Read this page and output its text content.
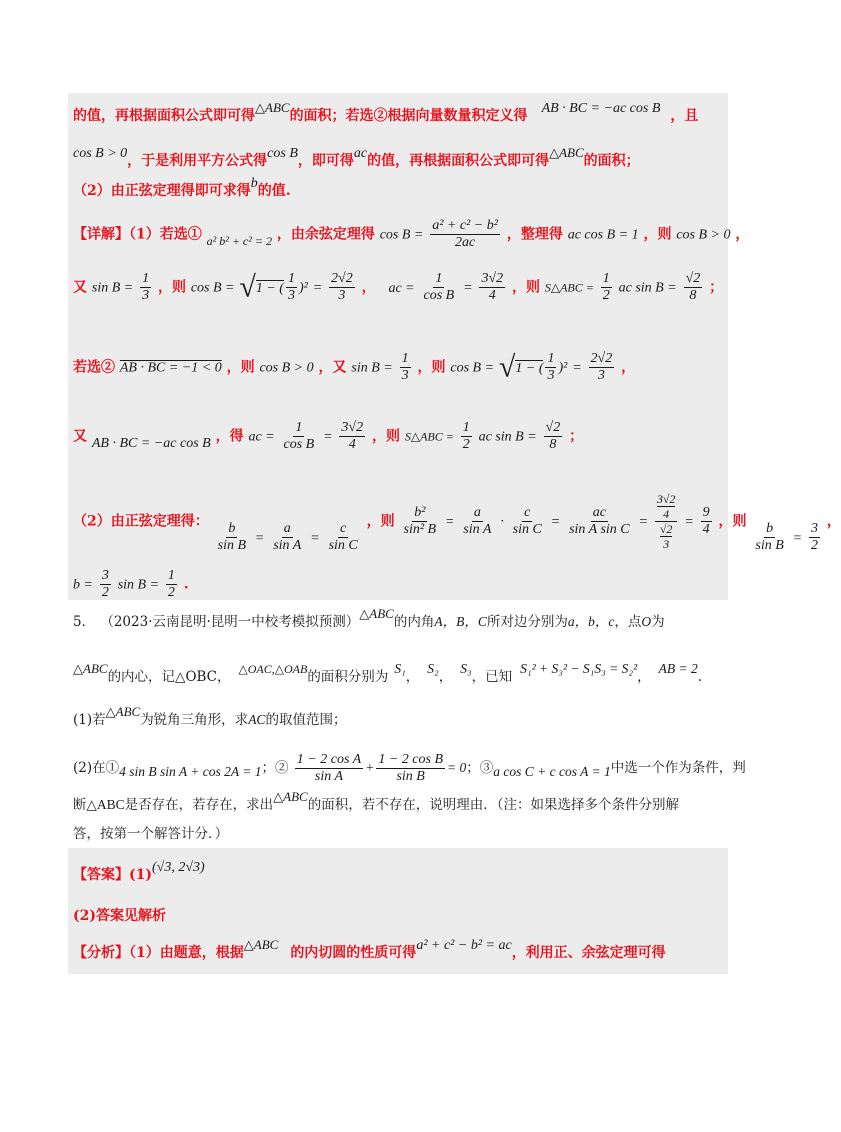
的值，再根据面积公式即可得△ABC的面积；若选②根据向量数量积定义得 AB · BC = −ac cos B ，且
cos B > 0，于是利用平方公式得cos B，即可得ac的值，再根据面积公式即可得△ABC的面积；
（2）由正弦定理得即可求得b的值.
【详解】（1）若选① a² b² + c² = 2 ，由余弦定理得 $\cos B = \frac{\text{a² + c² − b²}}{2ac}$ ，整理得 ac cos B = 1 ，则 cos B > 0 ，
又 $\sin B = \frac{1}{3}$ ，则 cos B = √1 − ( $\frac{1}{3} )^2 = \frac{2√2}{3}$ ， ac = $\frac{1}{\text{cos B}} = \frac{3√2}{4}$ ，则 S△ABC = $\frac{1}{2}$ ac $\sin B = \frac{√2}{8}$ ；
若选② AB · BC = −1 < 0 ，则 cos B > 0 ，又 $\sin B = \frac{1}{3}$ ，则 cos B = √1 − ( $\frac{1}{3} )^2 = \frac{2√2}{3}$ ，
又 AB · BC = −ac cos B ，得 ac = $\frac{1}{\text{cos B}} = \frac{3√2}{4}$ ，则 S△ABC = $\frac{1}{2}$ ac $\sin B = \frac{√2}{8}$ ；
（2）由正弦定理得： $\frac{b}{\text{sin B}} = \frac{a}{\text{sin A}} = \frac{c}{\text{sin C}}$ ，则 $\frac{\text{b²}}{\text{sin² B}} = \frac{a}{\text{sin A}} \cdot \frac{c}{\text{sin C}} = \frac{ac}{\text{sin A sin C}} = \frac{\frac{3√2}{4}}{\frac{√2}{3}} = \frac{9}{4}$ ，则 $\frac{b}{\text{sin B}} = \frac{3}{2}$ ，
$b = \frac{3}{2}$ $\sin B = \frac{1}{2}$ .
5． （2023·云南昆明·昆明一中校考模拟预测）△ABC的内角A，B，C所对边分别为a，b，c，点O为
△ABC的内心，记△OBC， △OAC,△OAB的面积分别为S₁，S₂，S₃，已知S₁² + S₃² − S₁S₃ = S₂²，AB = 2.
(1)若△ABC为锐角三角形，求AC的取值范围；
(2)在①4 sin B sin A + cos 2A = 1；② $\frac{\text{1 − 2 cos A}}{\text{sin A}} + \frac{\text{1 − 2 cos B}}{\text{sin B}} = 0$；③a cos C + c cos A = 1中选一个作为条件，判
断△ABC是否存在，若存在，求出△ABC的面积，若不存在，说明理由．（注：如果选择多个条件分别解
答，按第一个解答计分．）
【答案】(1)(√3, 2√3)
(2)答案见解析
【分析】（1）由题意，根据△ABC的内切圆的性质可得a² + c² − b² = ac，利用正、余弦定理可得
